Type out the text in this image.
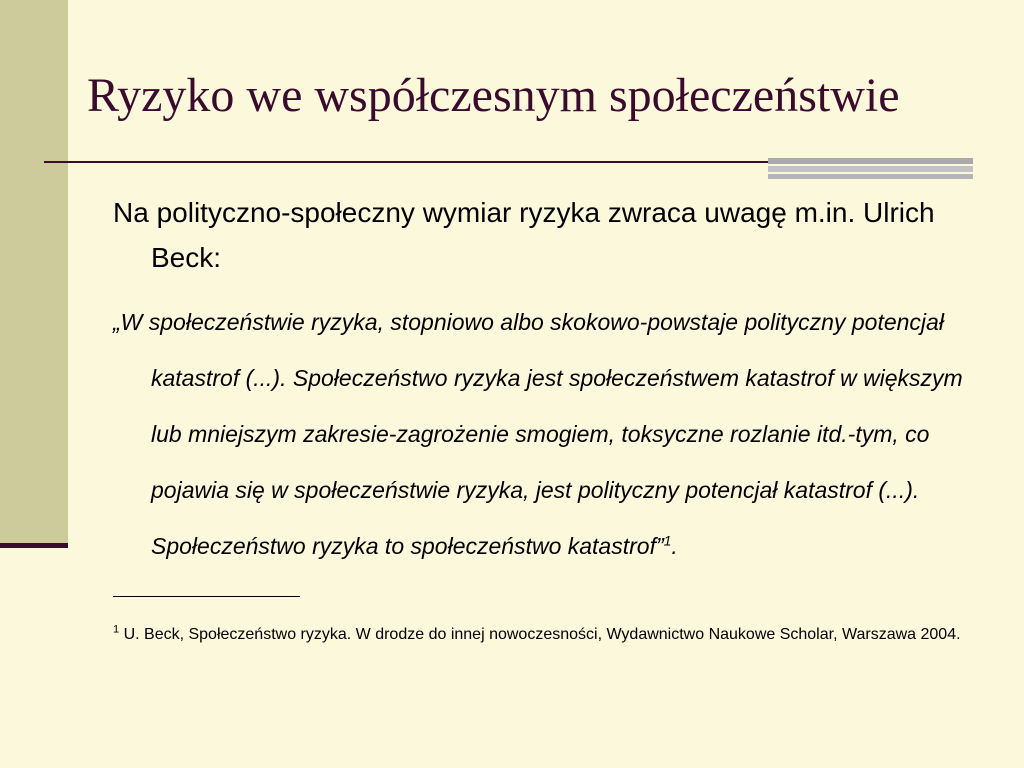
Ryzyko we współczesnym społeczeństwie

Na polityczno-społeczny wymiar ryzyka zwraca uwagę m.in. Ulrich Beck:

„W społeczeństwie ryzyka, stopniowo albo skokowo-powstaje polityczny potencjał katastrof (...). Społeczeństwo ryzyka jest społeczeństwem katastrof w większym lub mniejszym zakresie-zagrożenie smogiem, toksyczne rozlanie itd.-tym, co pojawia się w społeczeństwie ryzyka, jest polityczny potencjał katastrof (...). Społeczeństwo ryzyka to społeczeństwo katastrof”$^1$.

$^1$ U. Beck, Społeczeństwo ryzyka. W drodze do innej nowoczesności, Wydawnictwo Naukowe Scholar, Warszawa 2004.
